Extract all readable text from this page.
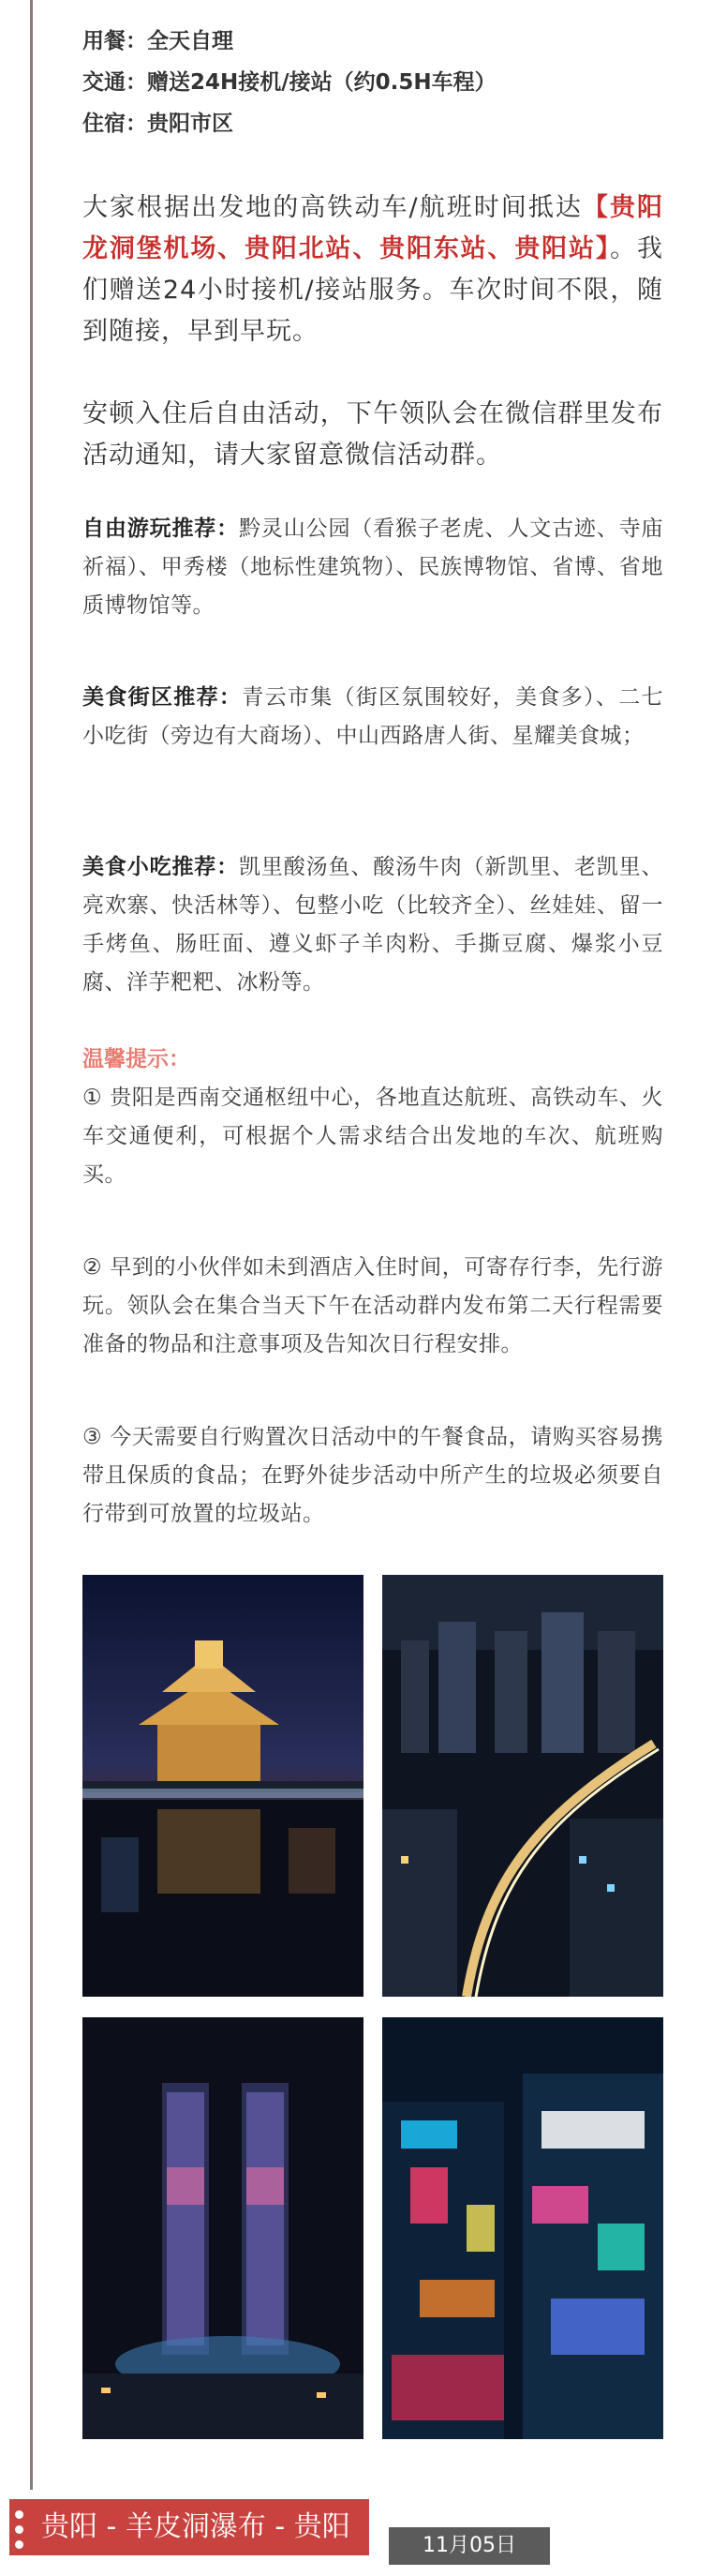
用餐：全天自理
交通：赠送24H接机/接站（约0.5H车程）
住宿：贵阳市区
大家根据出发地的高铁动车/航班时间抵达【贵阳龙洞堡机场、贵阳北站、贵阳东站、贵阳站】。我们赠送24小时接机/接站服务。车次时间不限，随到随接，早到早玩。
安顿入住后自由活动，下午领队会在微信群里发布活动通知，请大家留意微信活动群。
自由游玩推荐：黔灵山公园（看猴子老虎、人文古迹、寺庙祈福）、甲秀楼（地标性建筑物）、民族博物馆、省博、省地质博物馆等。
美食街区推荐：青云市集（街区氛围较好，美食多）、二七小吃街（旁边有大商场）、中山西路唐人街、星耀美食城；
美食小吃推荐：凯里酸汤鱼、酸汤牛肉（新凯里、老凯里、亮欢寨、快活林等）、包整小吃（比较齐全）、丝娃娃、留一手烤鱼、肠旺面、遵义虾子羊肉粉、手撕豆腐、爆浆小豆腐、洋芋粑粑、冰粉等。
温馨提示：
① 贵阳是西南交通枢纽中心，各地直达航班、高铁动车、火车交通便利，可根据个人需求结合出发地的车次、航班购买。
② 早到的小伙伴如未到酒店入住时间，可寄存行李，先行游玩。领队会在集合当天下午在活动群内发布第二天行程需要准备的物品和注意事项及告知次日行程安排。
③ 今天需要自行购置次日活动中的午餐食品，请购买容易携带且保质的食品；在野外徒步活动中所产生的垃圾必须要自行带到可放置的垃圾站。
11月05日
贵阳 - 羊皮洞瀑布 - 贵阳
